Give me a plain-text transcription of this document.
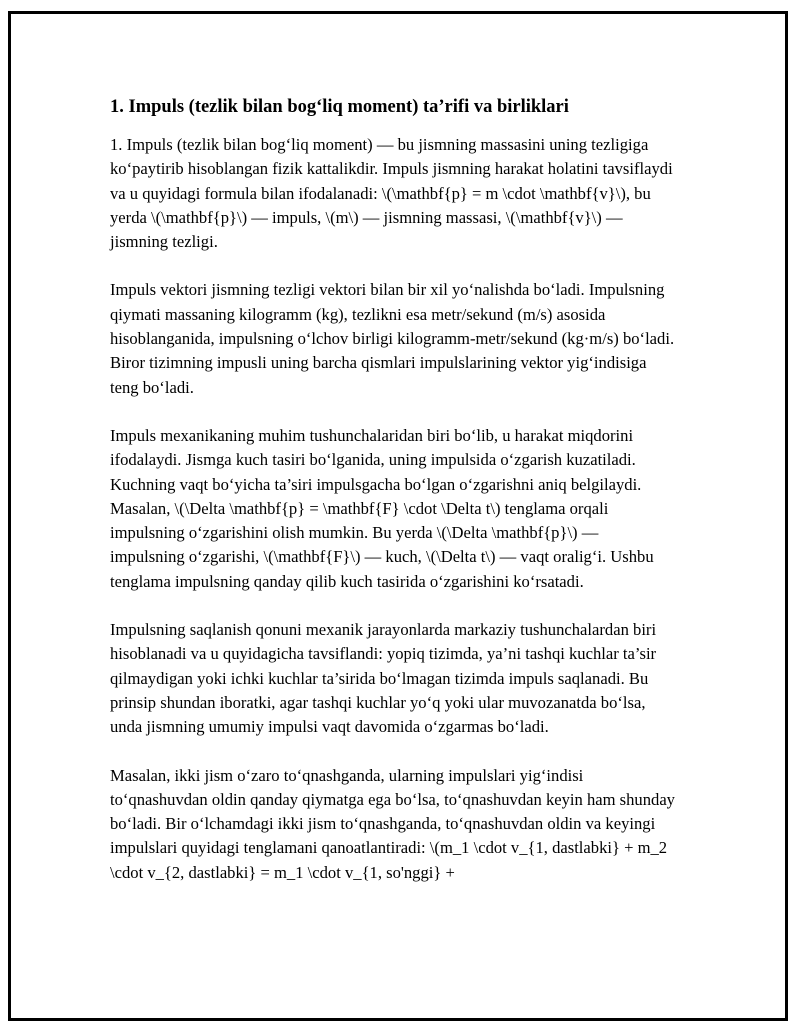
1. Impuls (tezlik bilan bog‘liq moment) ta’rifi va birliklari

1. Impuls (tezlik bilan bog‘liq moment) — bu jismning massasini uning tezligiga ko‘paytirib hisoblangan fizik kattalikdir. Impuls jismning harakat holatini tavsiflaydi va u quyidagi formula bilan ifodalanadi: \(\mathbf{p} = m \cdot \mathbf{v}\), bu yerda \(\mathbf{p}\) — impuls, \(m\) — jismning massasi, \(\mathbf{v}\) — jismning tezligi.

Impuls vektori jismning tezligi vektori bilan bir xil yo‘nalishda bo‘ladi. Impulsning qiymati massaning kilogramm (kg), tezlikni esa metr/sekund (m/s) asosida hisoblanganida, impulsning o‘lchov birligi kilogramm-metr/sekund (kg·m/s) bo‘ladi. Biror tizimning impusli uning barcha qismlari impulslarining vektor yig‘indisiga teng bo‘ladi.

Impuls mexanikaning muhim tushunchalaridan biri bo‘lib, u harakat miqdorini ifodalaydi. Jismga kuch tasiri bo‘lganida, uning impulsida o‘zgarish kuzatiladi. Kuchning vaqt bo‘yicha ta’siri impulsgacha bo‘lgan o‘zgarishni aniq belgilaydi. Masalan, \(\Delta \mathbf{p} = \mathbf{F} \cdot \Delta t\) tenglama orqali impulsning o‘zgarishini olish mumkin. Bu yerda \(\Delta \mathbf{p}\) — impulsning o‘zgarishi, \(\mathbf{F}\) — kuch, \(\Delta t\) — vaqt oralig‘i. Ushbu tenglama impulsning qanday qilib kuch tasirida o‘zgarishini ko‘rsatadi.

Impulsning saqlanish qonuni mexanik jarayonlarda markaziy tushunchalardan biri hisoblanadi va u quyidagicha tavsiflandi: yopiq tizimda, ya’ni tashqi kuchlar ta’sir qilmaydigan yoki ichki kuchlar ta’sirida bo‘lmagan tizimda impuls saqlanadi. Bu prinsip shundan iboratki, agar tashqi kuchlar yo‘q yoki ular muvozanatda bo‘lsa, unda jismning umumiy impulsi vaqt davomida o‘zgarmas bo‘ladi.

Masalan, ikki jism o‘zaro to‘qnashganda, ularning impulslari yig‘indisi to‘qnashuvdan oldin qanday qiymatga ega bo‘lsa, to‘qnashuvdan keyin ham shunday bo‘ladi. Bir o‘lchamdagi ikki jism to‘qnashganda, to‘qnashuvdan oldin va keyingi impulslari quyidagi tenglamani qanoatlantiradi: \(m_1 \cdot v_{1, dastlabki} + m_2 \cdot v_{2, dastlabki} = m_1 \cdot v_{1, so'nggi} +
